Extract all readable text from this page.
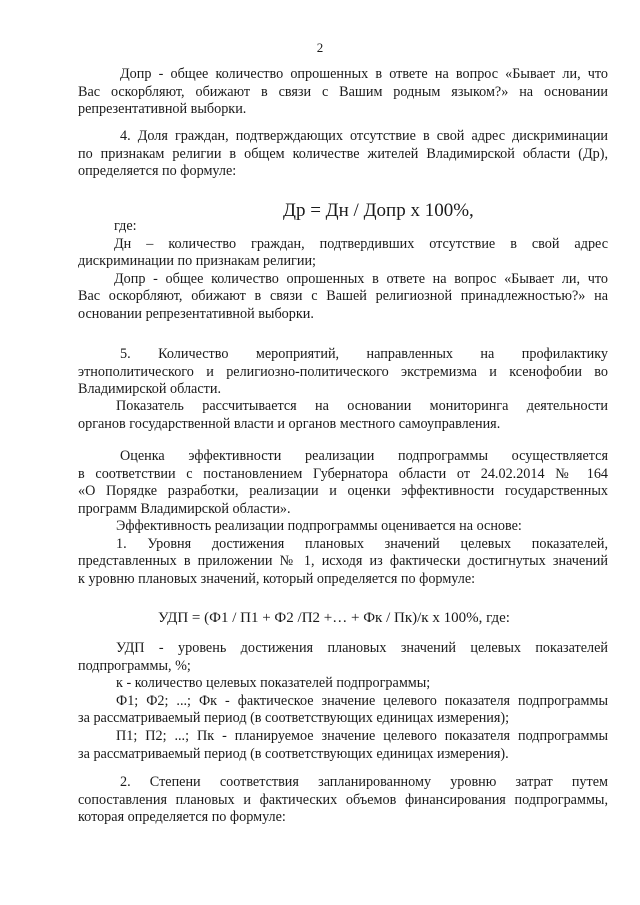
2
Допр - общее количество опрошенных в ответе на вопрос «Бывает ли, что
Вас оскорбляют, обижают в связи с Вашим родным языком?» на основании
репрезентативной выборки.
4. Доля граждан, подтверждающих отсутствие в свой адрес дискриминации
по признакам религии в общем количестве жителей Владимирской области (Др),
определяется по формуле:
Др = Дн / Допр х 100%,
где:
Дн – количество граждан, подтвердивших отсутствие в свой адрес
дискриминации по признакам религии;
Допр - общее количество опрошенных в ответе на вопрос «Бывает ли, что
Вас оскорбляют, обижают в связи с Вашей религиозной принадлежностью?» на
основании репрезентативной выборки.
5. Количество мероприятий, направленных на профилактику
этнополитического и религиозно-политического экстремизма и ксенофобии во
Владимирской области.
Показатель рассчитывается на основании мониторинга деятельности
органов государственной власти и органов местного самоуправления.
Оценка эффективности реализации подпрограммы осуществляется
в соответствии с постановлением Губернатора области от 24.02.2014 № 164
«О Порядке разработки, реализации и оценки эффективности государственных
программ Владимирской области».
Эффективность реализации подпрограммы оценивается на основе:
1. Уровня достижения плановых значений целевых показателей,
представленных в приложении № 1, исходя из фактически достигнутых значений
к уровню плановых значений, который определяется по формуле:
УДП = (Ф1 / П1 + Ф2 /П2 +… + Фк / Пк)/к х 100%, где:
УДП - уровень достижения плановых значений целевых показателей
подпрограммы, %;
к - количество целевых показателей подпрограммы;
Ф1; Ф2; ...; Фк - фактическое значение целевого показателя подпрограммы
за рассматриваемый период (в соответствующих единицах измерения);
П1; П2; ...; Пк - планируемое значение целевого показателя подпрограммы
за рассматриваемый период (в соответствующих единицах измерения).
2. Степени соответствия запланированному уровню затрат путем
сопоставления плановых и фактических объемов финансирования подпрограммы,
которая определяется по формуле:
